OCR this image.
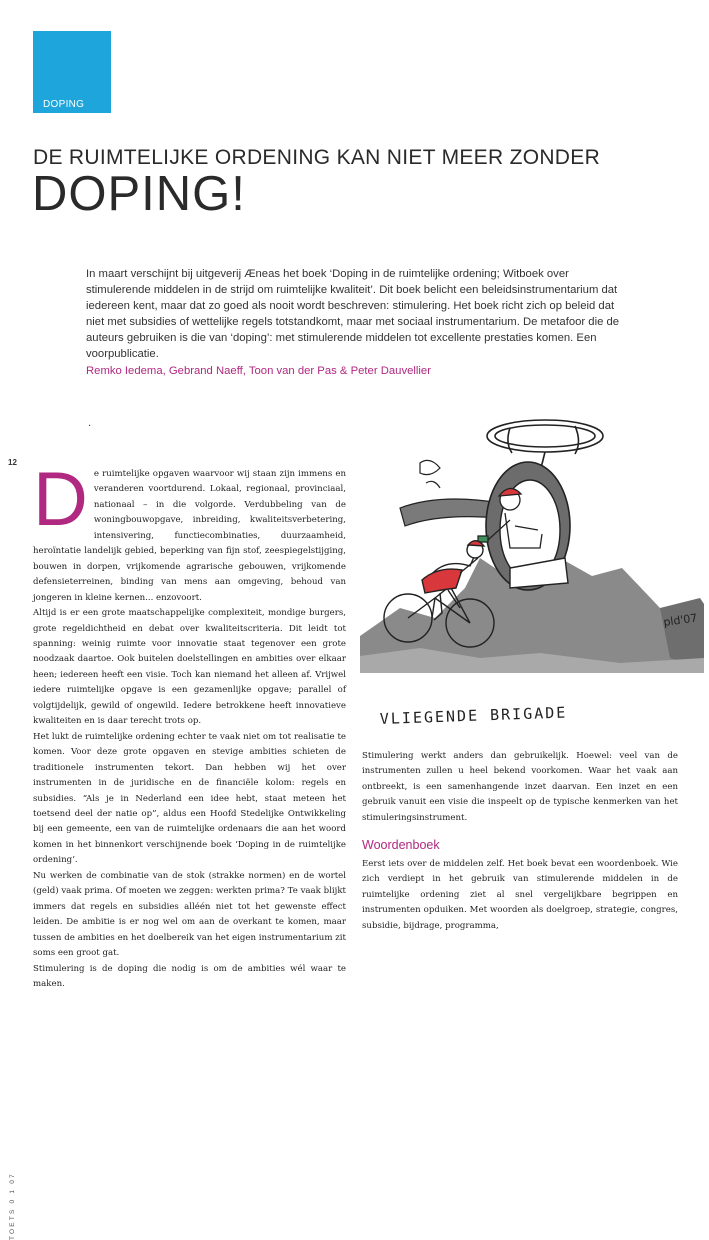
DOPING
DE RUIMTELIJKE ORDENING KAN NIET MEER ZONDER
DOPING!

In maart verschijnt bij uitgeverij Æneas het boek ‘Doping in de ruimtelijke ordening; Witboek over stimulerende middelen in de strijd om ruimtelijke kwaliteit’. Dit boek belicht een beleidsinstrumentarium dat iedereen kent, maar dat zo goed als nooit wordt beschreven: stimulering. Het boek richt zich op beleid dat niet met subsidies of wettelijke regels totstandkomt, maar met sociaal instrumentarium. De metafoor die de auteurs gebruiken is die van ‘doping’: met stimulerende middelen tot excellente prestaties komen. Een voorpublicatie.

Remko Iedema, Gebrand Naeff, Toon van der Pas & Peter Dauvellier
.
12
TOETS 0 1 07
D e ruimtelijke opgaven waarvoor wij staan zijn immens en veranderen voortdurend. Lokaal, regionaal, provinciaal, nationaal – in die volgorde. Verdubbeling van de woningbouwopgave, inbreiding, kwaliteitsverbetering, intensivering, functiecombinaties, duurzaamheid, heroïntatie landelijk gebied, beperking van fijn stof, zeespiegelstijging, bouwen in dorpen, vrijkomende agrarische gebouwen, vrijkomende defensieterreinen, binding van mens aan omgeving, behoud van jongeren in kleine kernen... enzovoort.

Altijd is er een grote maatschappelijke complexiteit, mondige burgers, grote regeldichtheid en debat over kwaliteitscriteria. Dit leidt tot spanning: weinig ruimte voor innovatie staat tegenover een grote noodzaak daartoe. Ook buitelen doelstellingen en ambities over elkaar heen; iedereen heeft een visie. Toch kan niemand het alleen af. Vrijwel iedere ruimtelijke opgave is een gezamenlijke opgave; parallel of volgtijdelijk, gewild of ongewild. Iedere betrokkene heeft innovatieve kwaliteiten en is daar terecht trots op.

Het lukt de ruimtelijke ordening echter te vaak niet om tot realisatie te komen. Voor deze grote opgaven en stevige ambities schieten de traditionele instrumenten tekort. Dan hebben wij het over instrumenten in de juridische en de financiële kolom: regels en subsidies. “Als je in Nederland een idee hebt, staat meteen het toetsend deel der natie op”, aldus een Hoofd Stedelijke Ontwikkeling bij een gemeente, een van de ruimtelijke ordenaars die aan het woord komen in het binnenkort verschijnende boek ‘Doping in de ruimtelijke ordening’.

Nu werken de combinatie van de stok (strakke normen) en de wortel (geld) vaak prima. Of moeten we zeggen: werkten prima? Te vaak blijkt immers dat regels en subsidies alléén niet tot het gewenste effect leiden. De ambitie is er nog wel om aan de overkant te komen, maar tussen de ambities en het doelbereik van het eigen instrumentarium zit soms een groot gat.

Stimulering is de doping die nodig is om de ambities wél waar te maken.

pld'07
VLIEGENDE BRIGADE

Stimulering werkt anders dan gebruikelijk. Hoewel: veel van de instrumenten zullen u heel bekend voorkomen. Waar het vaak aan ontbreekt, is een samenhangende inzet daarvan. Een inzet en een gebruik vanuit een visie die inspeelt op de typische kenmerken van het stimuleringsinstrument.

Woordenboek

Eerst iets over de middelen zelf. Het boek bevat een woordenboek. Wie zich verdiept in het gebruik van stimulerende middelen in de ruimtelijke ordening ziet al snel vergelijkbare begrippen en instrumenten opduiken. Met woorden als doelgroep, strategie, congres, subsidie, bijdrage, programma,
